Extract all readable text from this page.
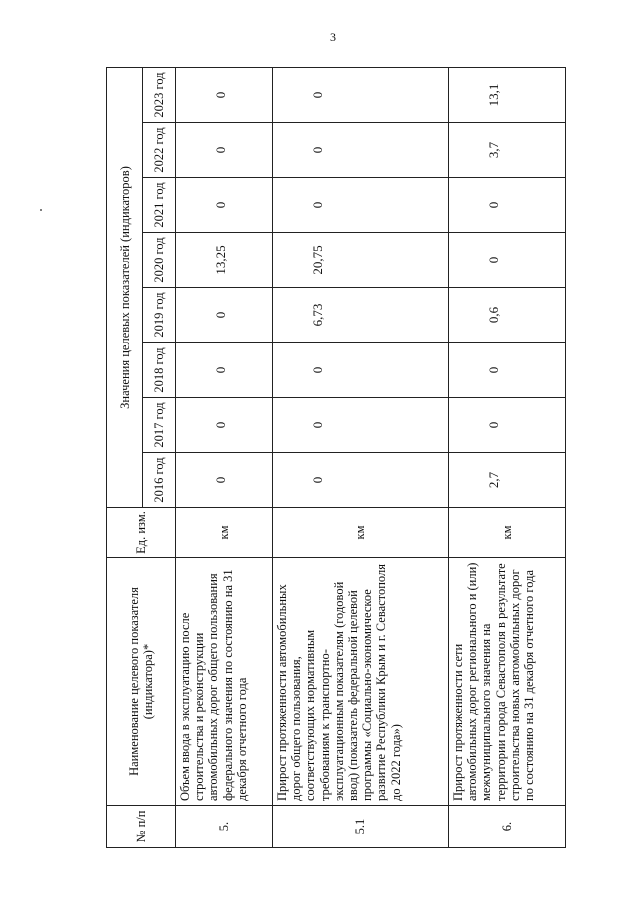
3
№ п/п	Наименование целевого показателя (индикатора)*	Ед. изм.	Значения целевых показателей (индикаторов)							
			2016 год	2017 год	2018 год	2019 год	2020 год	2021 год	2022 год	2023 год
5.	Объем ввода в эксплуатацию после строительства и реконструкции автомобильных дорог общего пользования федерального значения по состоянию на 31 декабря отчетного года	км	0	0	0	0	13,25	0	0	0
5.1	Прирост протяженности автомобильных дорог общего пользования, соответствующих нормативным требованиям к транспортно-эксплуатационным показателям (годовой ввод) (показатель федеральной целевой программы «Социально-экономическое развитие Республики Крым и г. Севастополя до 2022 года»)	км	0	0	0	6,73	20,75	0	0	0
6.	Прирост протяженности сети автомобильных дорог регионального и (или) межмуниципального значения на территории города Севастополя в результате строительства новых автомобильных дорог по состоянию на 31 декабря отчетного года	км	2,7	0	0	0,6	0	0	3,7	13,1
